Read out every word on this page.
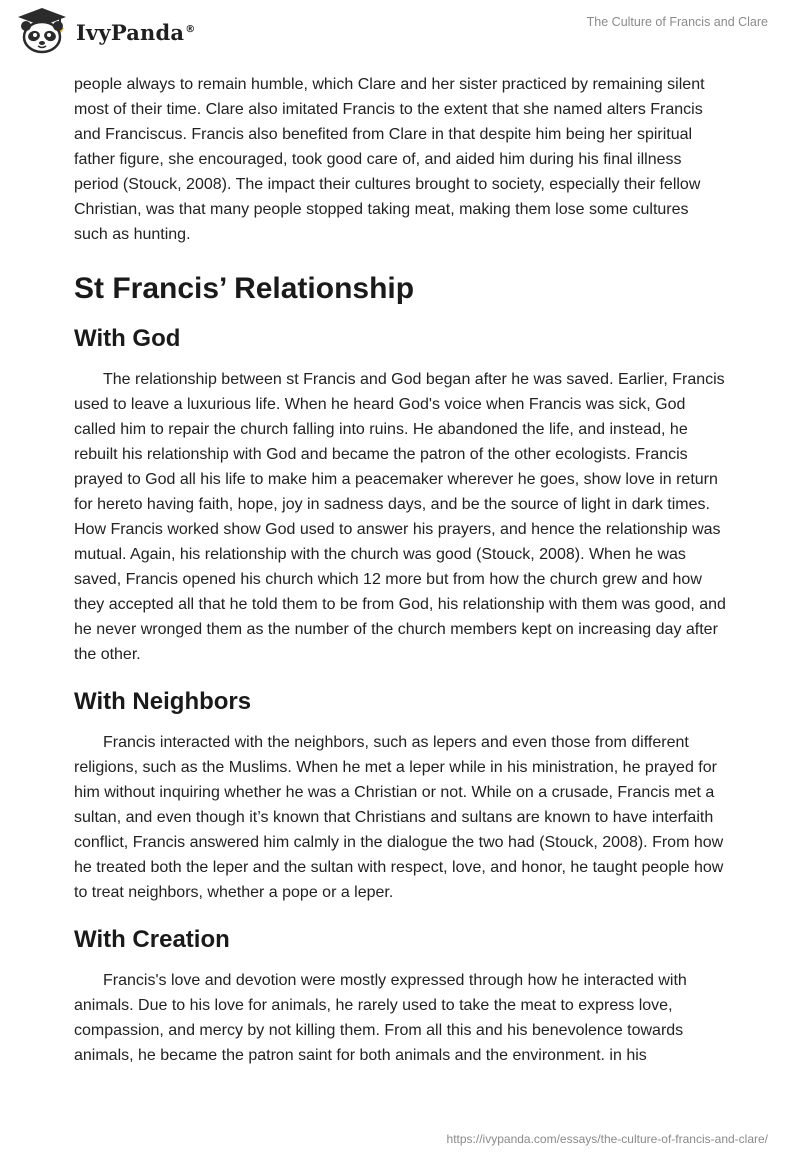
IvyPanda®	The Culture of Francis and Clare

people always to remain humble, which Clare and her sister practiced by remaining silent most of their time. Clare also imitated Francis to the extent that she named alters Francis and Franciscus. Francis also benefited from Clare in that despite him being her spiritual father figure, she encouraged, took good care of, and aided him during his final illness period (Stouck, 2008). The impact their cultures brought to society, especially their fellow Christian, was that many people stopped taking meat, making them lose some cultures such as hunting.

St Francis’ Relationship
With God

The relationship between st Francis and God began after he was saved. Earlier, Francis used to leave a luxurious life. When he heard God's voice when Francis was sick, God called him to repair the church falling into ruins. He abandoned the life, and instead, he rebuilt his relationship with God and became the patron of the other ecologists. Francis prayed to God all his life to make him a peacemaker wherever he goes, show love in return for hereto having faith, hope, joy in sadness days, and be the source of light in dark times. How Francis worked show God used to answer his prayers, and hence the relationship was mutual. Again, his relationship with the church was good (Stouck, 2008). When he was saved, Francis opened his church which 12 more but from how the church grew and how they accepted all that he told them to be from God, his relationship with them was good, and he never wronged them as the number of the church members kept on increasing day after the other.

With Neighbors

Francis interacted with the neighbors, such as lepers and even those from different religions, such as the Muslims. When he met a leper while in his ministration, he prayed for him without inquiring whether he was a Christian or not. While on a crusade, Francis met a sultan, and even though it’s known that Christians and sultans are known to have interfaith conflict, Francis answered him calmly in the dialogue the two had (Stouck, 2008). From how he treated both the leper and the sultan with respect, love, and honor, he taught people how to treat neighbors, whether a pope or a leper.

With Creation

Francis's love and devotion were mostly expressed through how he interacted with animals. Due to his love for animals, he rarely used to take the meat to express love, compassion, and mercy by not killing them. From all this and his benevolence towards animals, he became the patron saint for both animals and the environment. in his

https://ivypanda.com/essays/the-culture-of-francis-and-clare/
